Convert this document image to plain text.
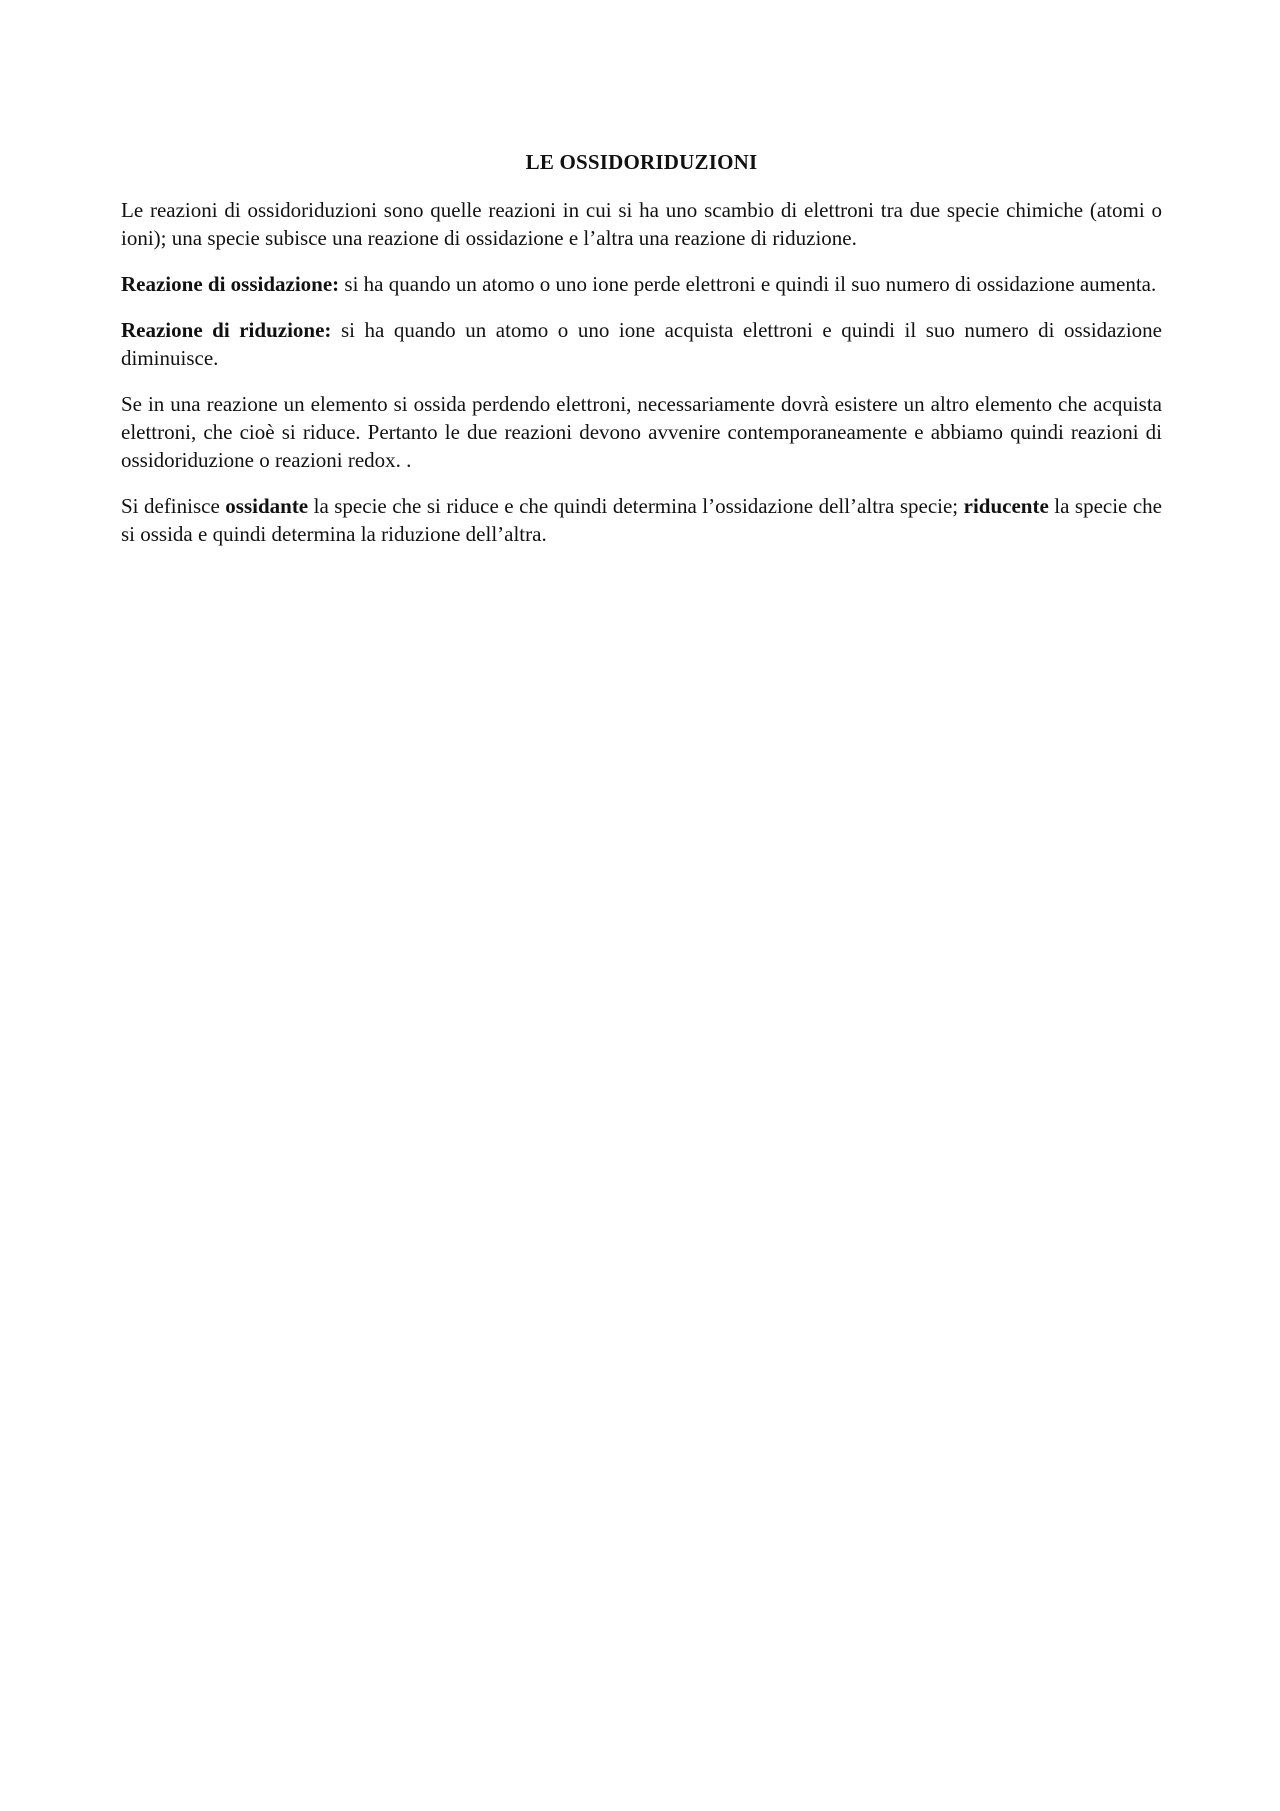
LE OSSIDORIDUZIONI

Le reazioni di ossidoriduzioni sono quelle reazioni in cui si ha uno scambio di elettroni tra due specie chimiche (atomi o ioni); una specie subisce una reazione di ossidazione e l’altra una reazione di riduzione.

Reazione di ossidazione: si ha quando un atomo o uno ione perde elettroni e quindi il suo numero di ossidazione aumenta.

Reazione di riduzione: si ha quando un atomo o uno ione acquista elettroni e quindi il suo numero di ossidazione diminuisce.

Se in una reazione un elemento si ossida perdendo elettroni, necessariamente dovrà esistere un altro elemento che acquista elettroni, che cioè si riduce. Pertanto le due reazioni devono avvenire contemporaneamente e abbiamo quindi reazioni di ossidoriduzione o reazioni redox. .

Si definisce ossidante la specie che si riduce e che quindi determina l’ossidazione dell’altra specie; riducente la specie che si ossida e quindi determina la riduzione dell’altra.
